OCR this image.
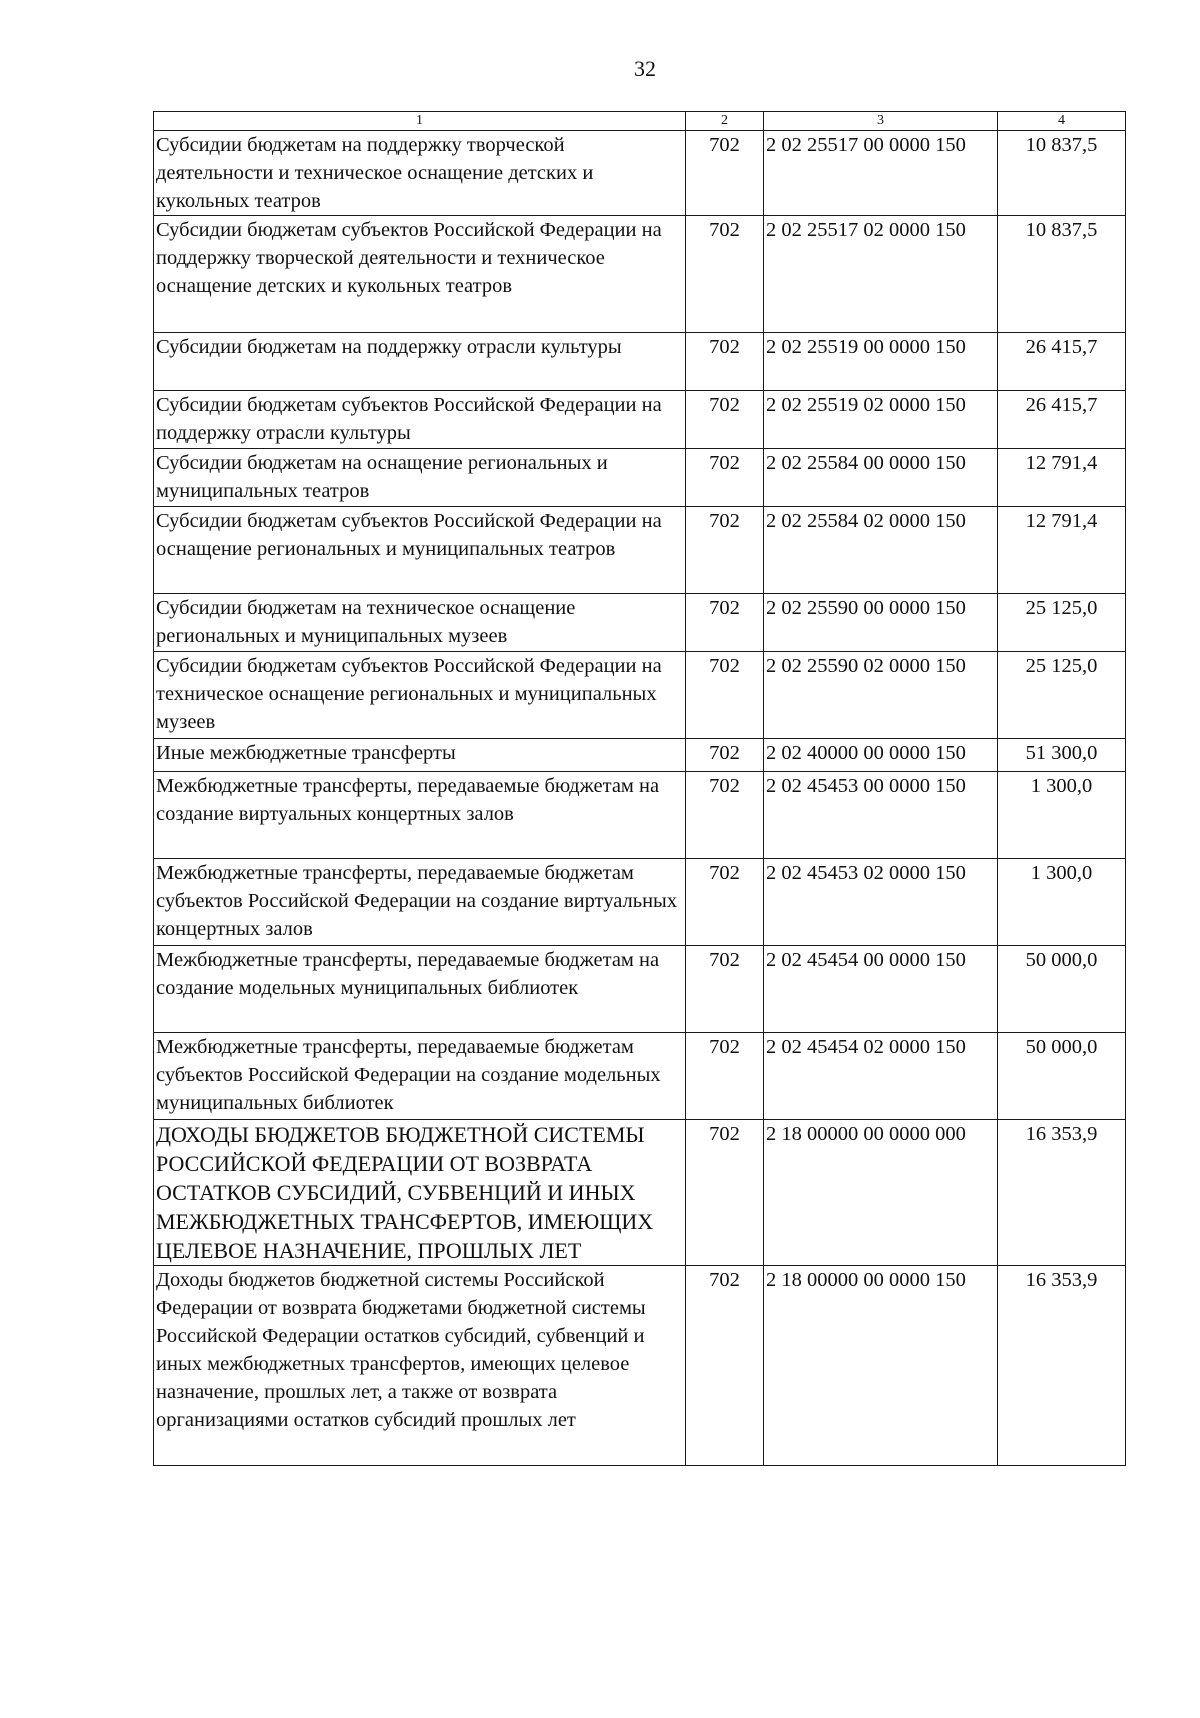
32
1	2	3	4
Субсидии бюджетам на поддержку творческой деятельности и техническое оснащение детских и кукольных театров	702	2 02 25517 00 0000 150	10 837,5
Субсидии бюджетам субъектов Российской Федерации на поддержку творческой деятельности и техническое оснащение детских и кукольных театров	702	2 02 25517 02 0000 150	10 837,5
Субсидии бюджетам на поддержку отрасли культуры	702	2 02 25519 00 0000 150	26 415,7
Субсидии бюджетам субъектов Российской Федерации на поддержку отрасли культуры	702	2 02 25519 02 0000 150	26 415,7
Субсидии бюджетам на оснащение региональных и муниципальных театров	702	2 02 25584 00 0000 150	12 791,4
Субсидии бюджетам субъектов Российской Федерации на оснащение региональных и муниципальных театров	702	2 02 25584 02 0000 150	12 791,4
Субсидии бюджетам на техническое оснащение региональных и муниципальных музеев	702	2 02 25590 00 0000 150	25 125,0
Субсидии бюджетам субъектов Российской Федерации на техническое оснащение региональных и муниципальных музеев	702	2 02 25590 02 0000 150	25 125,0
Иные межбюджетные трансферты	702	2 02 40000 00 0000 150	51 300,0
Межбюджетные трансферты, передаваемые бюджетам на создание виртуальных концертных залов	702	2 02 45453 00 0000 150	1 300,0
Межбюджетные трансферты, передаваемые бюджетам субъектов Российской Федерации на создание виртуальных концертных залов	702	2 02 45453 02 0000 150	1 300,0
Межбюджетные трансферты, передаваемые бюджетам на создание модельных муниципальных библиотек	702	2 02 45454 00 0000 150	50 000,0
Межбюджетные трансферты, передаваемые бюджетам субъектов Российской Федерации на создание модельных муниципальных библиотек	702	2 02 45454 02 0000 150	50 000,0
ДОХОДЫ БЮДЖЕТОВ БЮДЖЕТНОЙ СИСТЕМЫ РОССИЙСКОЙ ФЕДЕРАЦИИ ОТ ВОЗВРАТА ОСТАТКОВ СУБСИДИЙ, СУБВЕНЦИЙ И ИНЫХ МЕЖБЮДЖЕТНЫХ ТРАНСФЕРТОВ, ИМЕЮЩИХ ЦЕЛЕВОЕ НАЗНАЧЕНИЕ, ПРОШЛЫХ ЛЕТ	702	2 18 00000 00 0000 000	16 353,9
Доходы бюджетов бюджетной системы Российской Федерации от возврата бюджетами бюджетной системы Российской Федерации остатков субсидий, субвенций и иных межбюджетных трансфертов, имеющих целевое назначение, прошлых лет, а также от возврата организациями остатков субсидий прошлых лет	702	2 18 00000 00 0000 150	16 353,9
